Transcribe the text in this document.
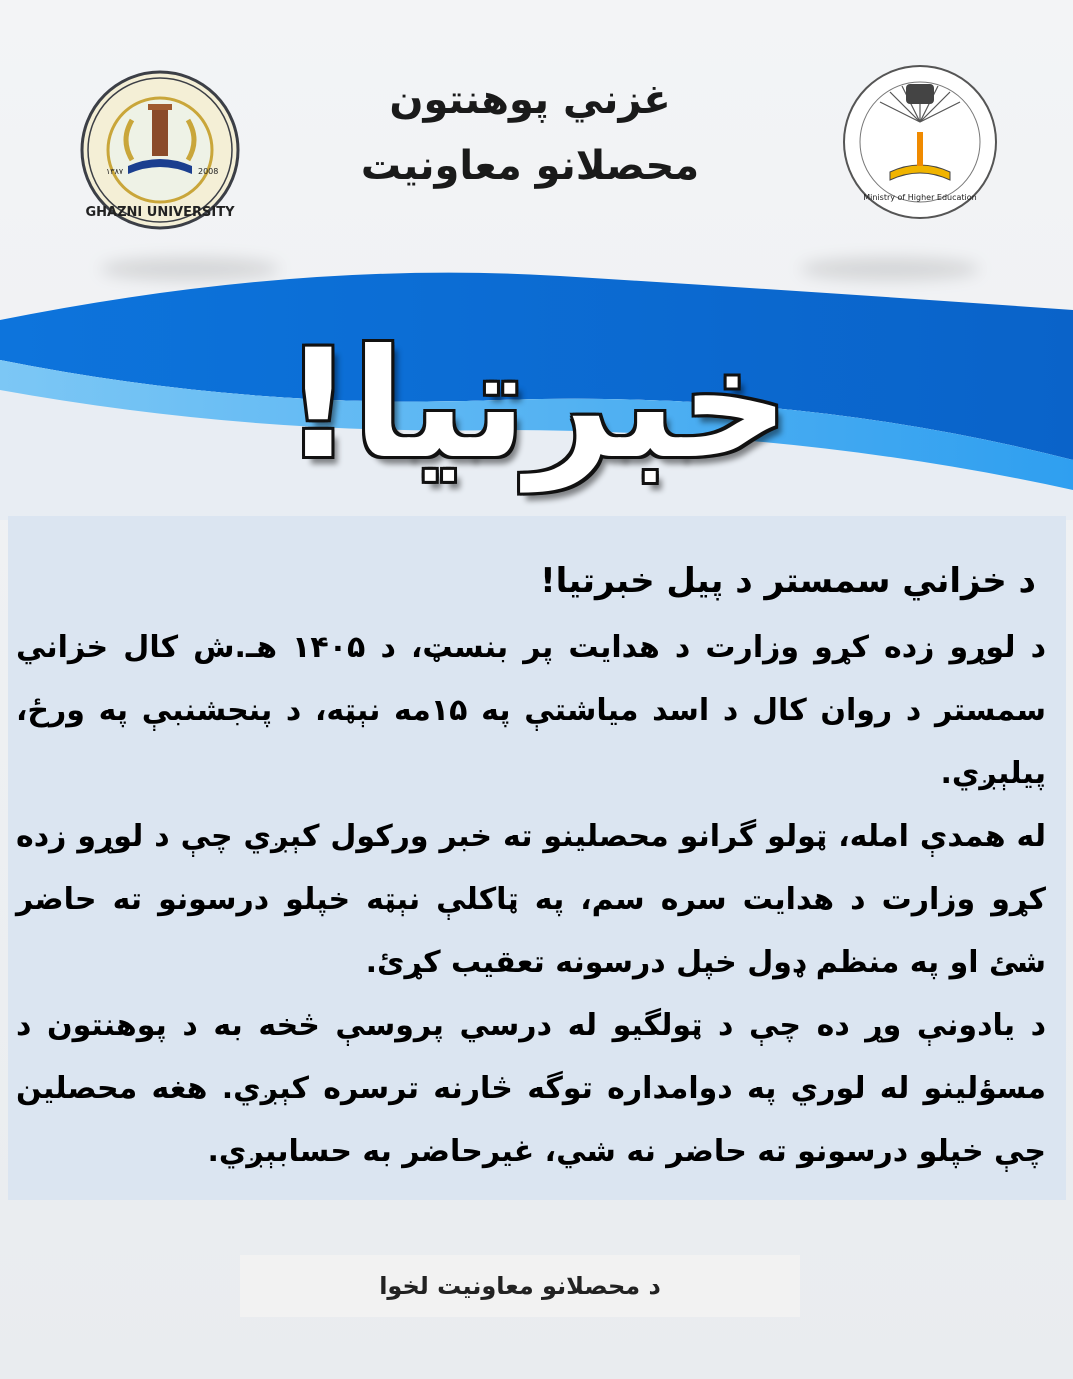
GHAZNI UNIVERSITY
۱۳۸۷	2008
Ministry of Higher Education
غزني پوهنتون
محصلانو معاونیت
خبرتيا!
د خزاني سمستر د پيل خبرتيا!

د لوړو زده کړو وزارت د هدايت پر بنسټ، د ۱۴۰۵ هـ.ش کال خزاني سمستر د روان کال د اسد مياشتې په ۱۵مه نېټه، د پنجشنبې په ورځ، پيلېږي.

له همدې امله، ټولو گرانو محصلينو ته خبر ورکول کېږي چې د لوړو زده کړو وزارت د هدايت سره سم، په ټاکلې نېټه خپلو درسونو ته حاضر شئ او په منظم ډول خپل درسونه تعقيب کړئ.

د يادونې وړ ده چې د ټولگيو له درسي پروسې څخه به د پوهنتون د مسؤلينو له لوري په دوامداره توگه څارنه ترسره کېږي. هغه محصلين چې خپلو درسونو ته حاضر نه شي، غيرحاضر به حسابېږي.

د محصلانو معاونيت لخوا
